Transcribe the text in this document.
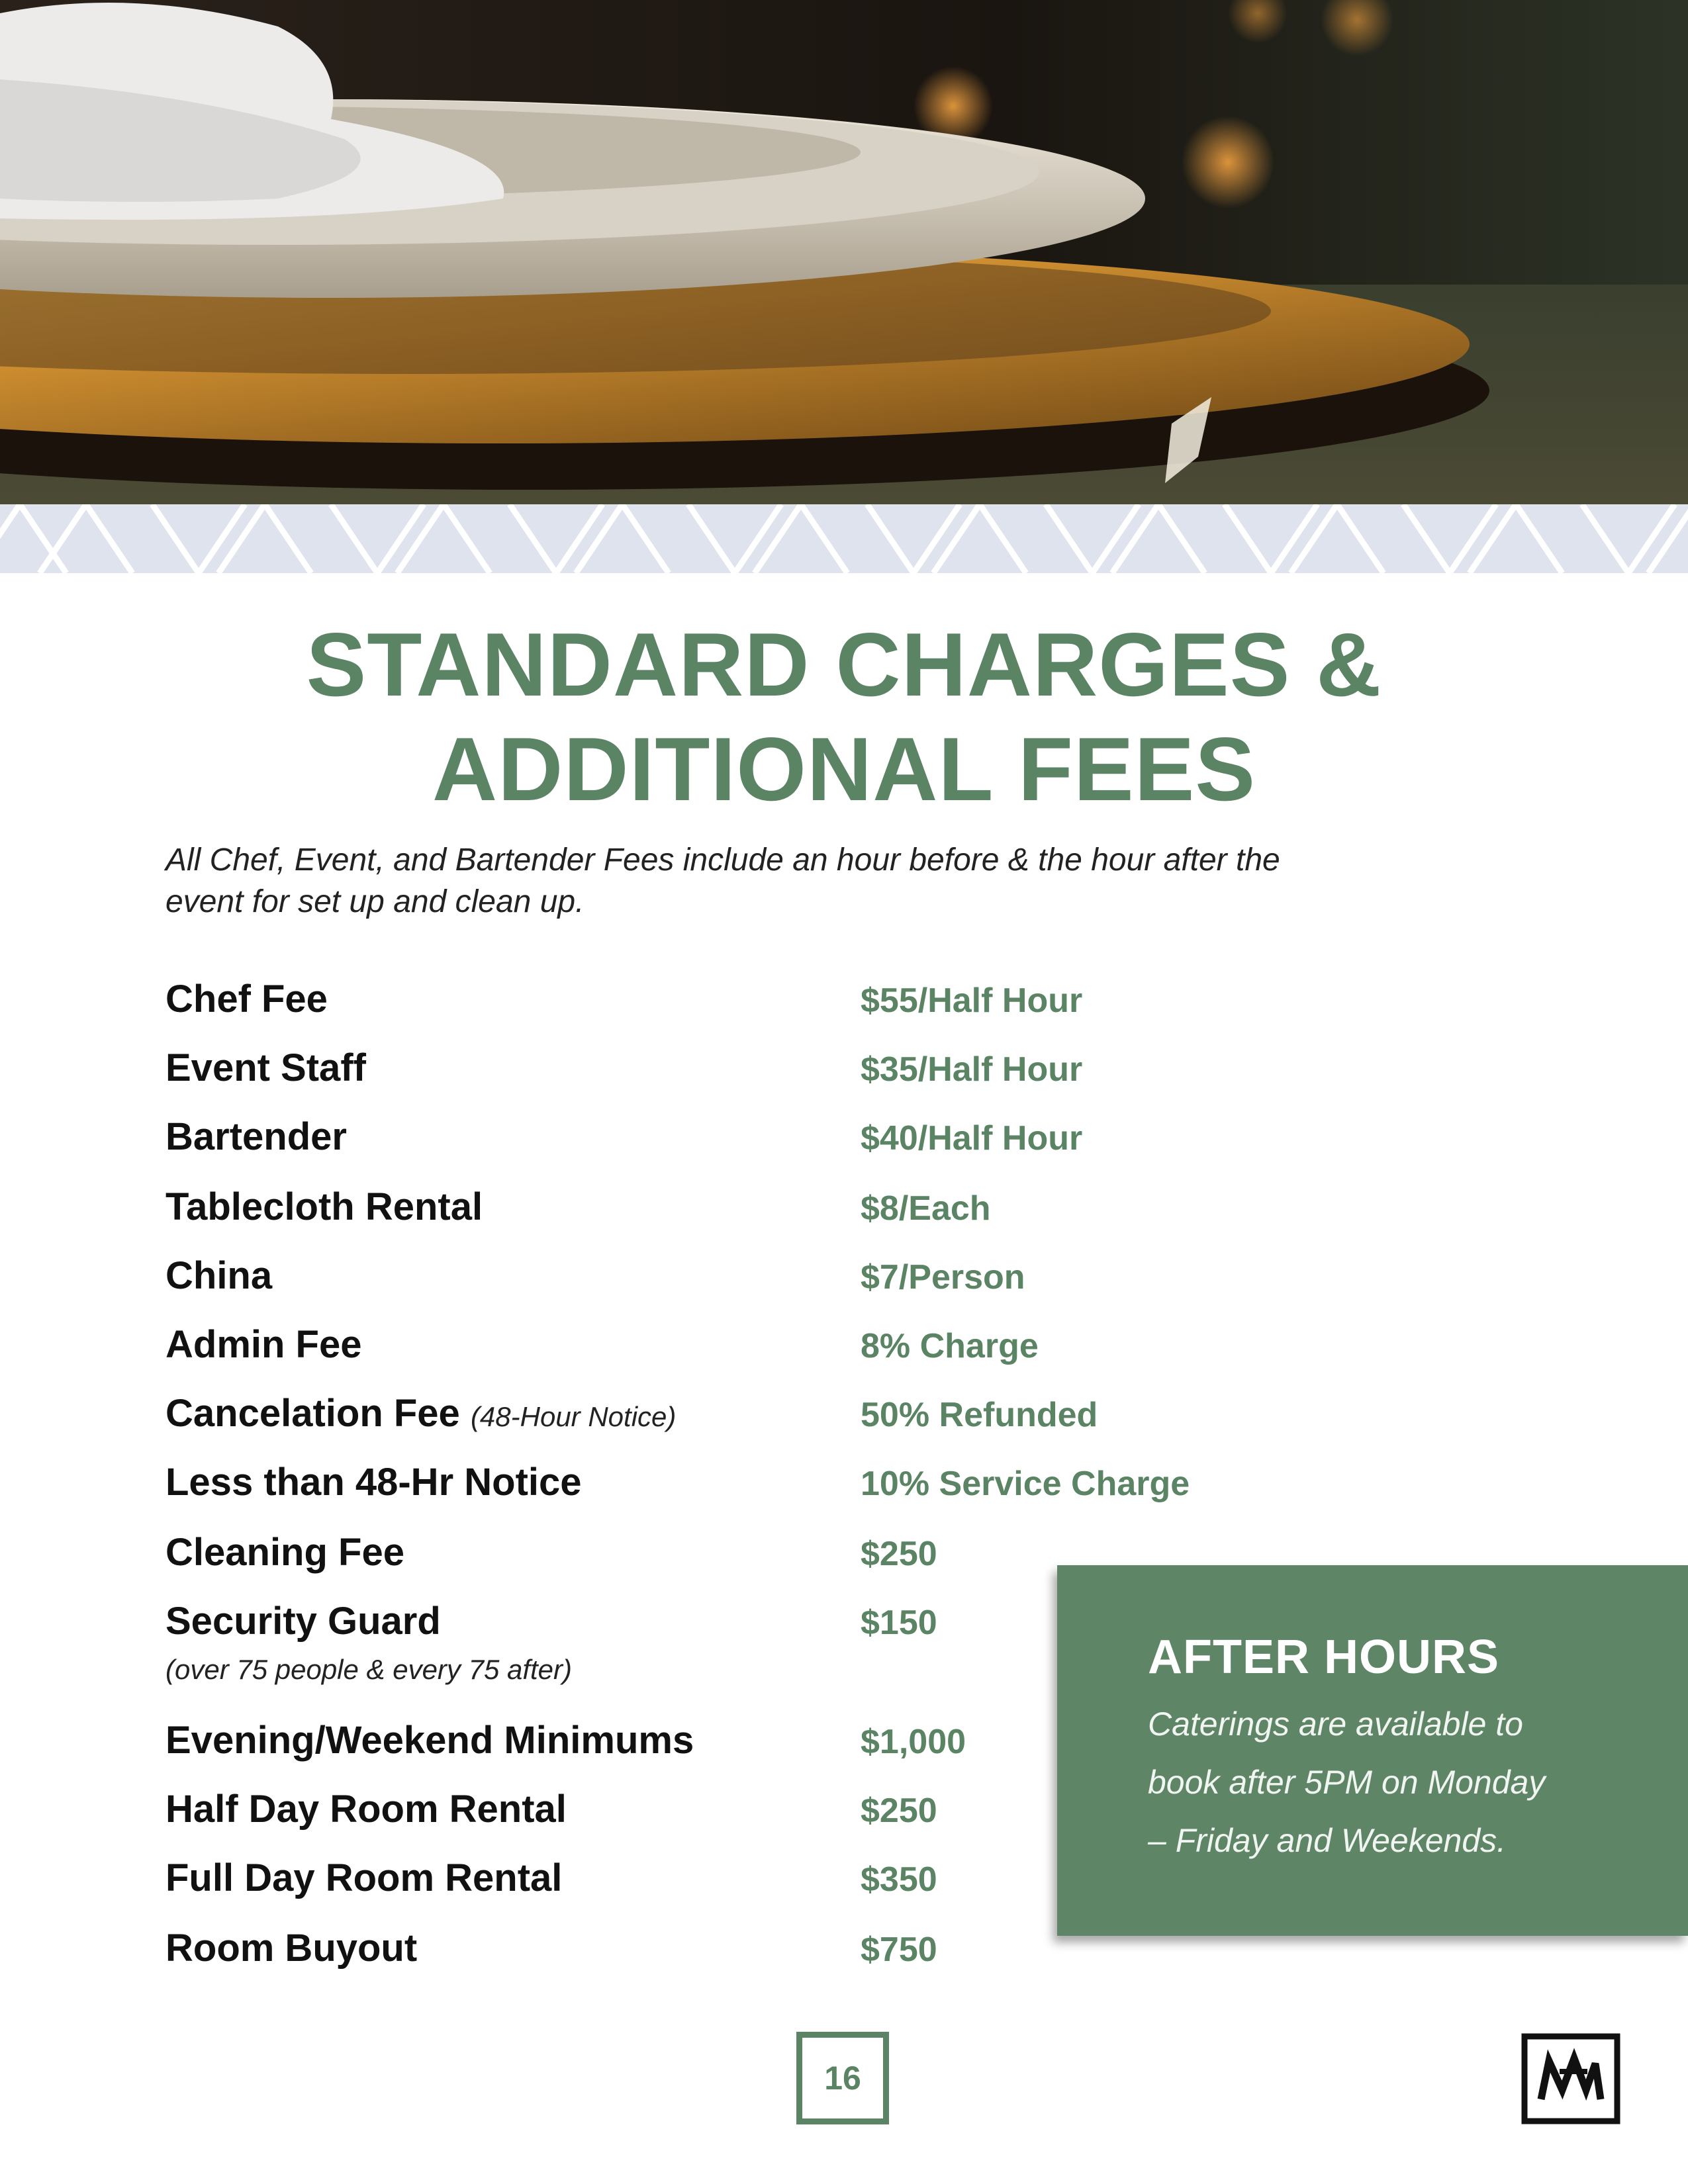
STANDARD CHARGES &
ADDITIONAL FEES

All Chef, Event, and Bartender Fees include an hour before & the hour after the
event for set up and clean up.

Chef Fee	$55/Half Hour
Event Staff	$35/Half Hour
Bartender	$40/Half Hour
Tablecloth Rental	$8/Each
China	$7/Person
Admin Fee	8% Charge
Cancelation Fee (48-Hour Notice)	50% Refunded
Less than 48-Hr Notice	10% Service Charge
Cleaning Fee	$250
Security Guard	$150
(over 75 people & every 75 after)
Evening/Weekend Minimums	$1,000
Half Day Room Rental	$250
Full Day Room Rental	$350
Room Buyout	$750
AFTER HOURS

Caterings are available to
book after 5PM on Monday
– Friday and Weekends.

16
